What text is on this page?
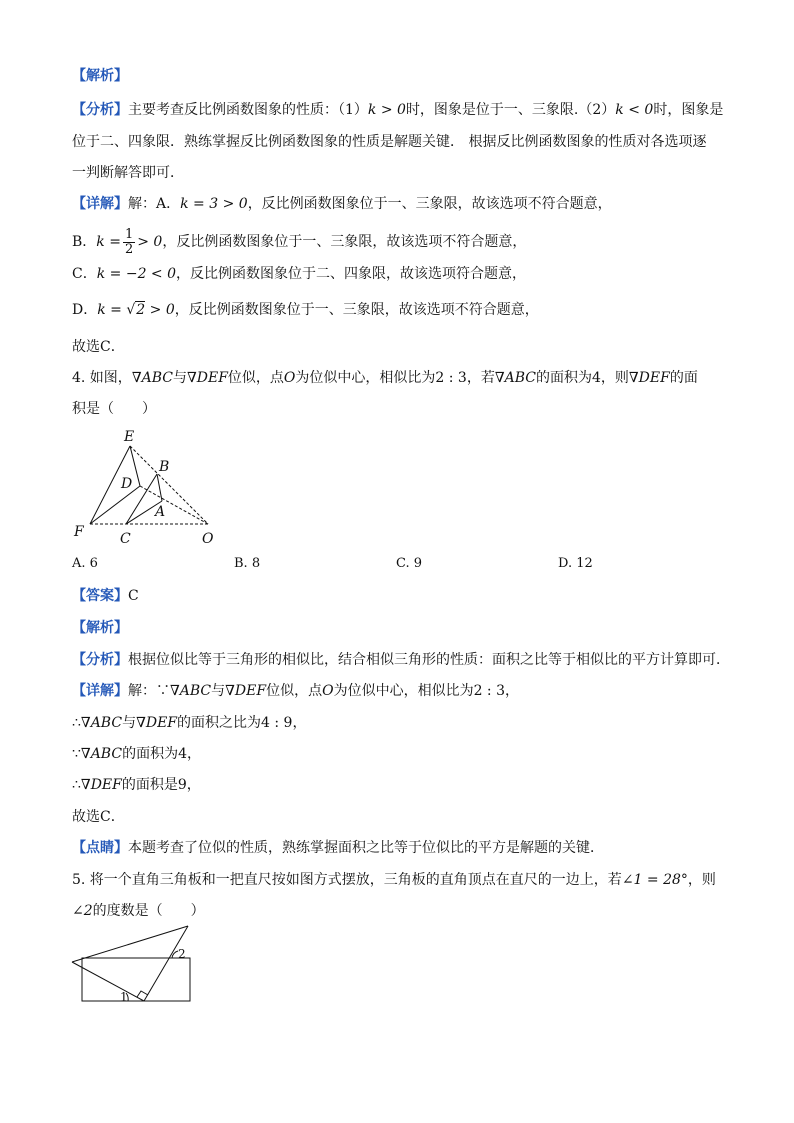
【解析】
【分析】主要考查反比例函数图象的性质：（1）k > 0时，图象是位于一、三象限.（2）k < 0时，图象是
位于二、四象限．熟练掌握反比例函数图象的性质是解题关键． 根据反比例函数图象的性质对各选项逐
一判断解答即可．
【详解】解：A．k = 3 > 0，反比例函数图象位于一、三象限，故该选项不符合题意，
B．$k = \frac{1}{2} > 0$，反比例函数图象位于一、三象限，故该选项不符合题意，
C．k = −2 < 0，反比例函数图象位于二、四象限，故该选项符合题意，
D．k = √2 > 0，反比例函数图象位于一、三象限，故该选项不符合题意，
故选C．
4. 如图，∇ABC与∇DEF位似，点O为位似中心，相似比为2 : 3，若∇ABC的面积为4，则∇DEF的面
积是（　　）
E
B
D
A
F	C	O
A. 6	B. 8	C. 9	D. 12
【答案】C
【解析】
【分析】根据位似比等于三角形的相似比，结合相似三角形的性质：面积之比等于相似比的平方计算即可．
【详解】解：∵∇ABC与∇DEF位似，点O为位似中心，相似比为2 : 3，
∴∇ABC与∇DEF的面积之比为4 : 9，
∵∇ABC的面积为4，
∴∇DEF的面积是9，
故选C．
【点睛】本题考查了位似的性质，熟练掌握面积之比等于位似比的平方是解题的关键．
5. 将一个直角三角板和一把直尺按如图方式摆放，三角板的直角顶点在直尺的一边上，若∠1 = 28°，则
∠2的度数是（　　）
1
2
